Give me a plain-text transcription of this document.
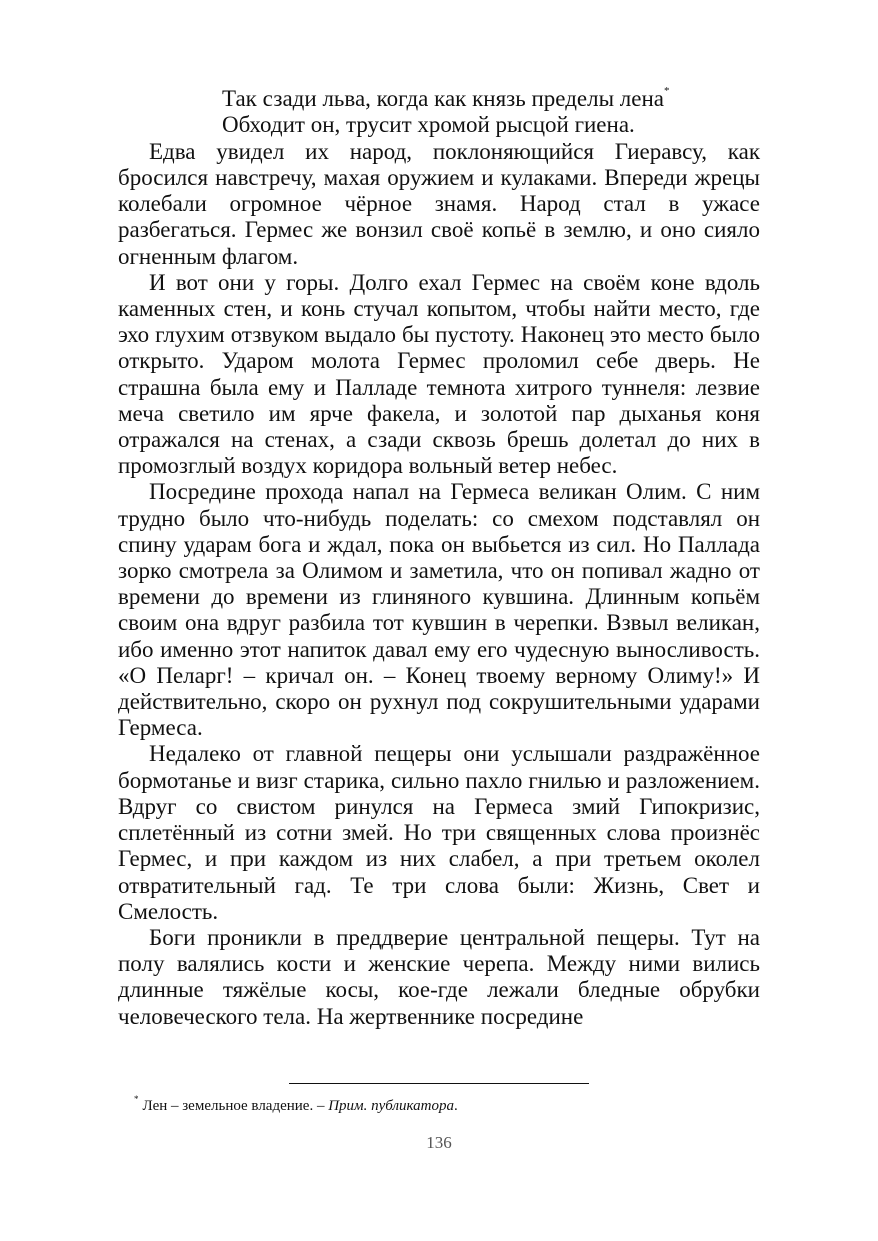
Так сзади льва, когда как князь пределы лена*
Обходит он, трусит хромой рысцой гиена.

Едва увидел их народ, поклоняющийся Гиеравсу, как бросился навстречу, махая оружием и кулаками. Впереди жрецы колебали огромное чёрное знамя. Народ стал в ужасе разбегаться. Гермес же вонзил своё копьё в землю, и оно сияло огненным флагом.

И вот они у горы. Долго ехал Гермес на своём коне вдоль каменных стен, и конь стучал копытом, чтобы найти место, где эхо глухим отзвуком выдало бы пустоту. Наконец это место было открыто. Ударом молота Гермес проломил себе дверь. Не страшна была ему и Палладе темнота хитрого туннеля: лезвие меча светило им ярче факела, и золотой пар дыханья коня отражался на стенах, а сзади сквозь брешь долетал до них в промозглый воздух коридора вольный ветер небес.

Посредине прохода напал на Гермеса великан Олим. С ним трудно было что-нибудь поделать: со смехом подставлял он спину ударам бога и ждал, пока он выбьется из сил. Но Паллада зорко смотрела за Олимом и заметила, что он попивал жадно от времени до времени из глиняного кувшина. Длинным копьём своим она вдруг разбила тот кувшин в черепки. Взвыл великан, ибо именно этот напиток давал ему его чудесную выносливость. «О Пеларг! – кричал он. – Конец твоему верному Олиму!» И действительно, скоро он рухнул под сокрушительными ударами Гермеса.

Недалеко от главной пещеры они услышали раздражённое бормотанье и визг старика, сильно пахло гнилью и разложением. Вдруг со свистом ринулся на Гермеса змий Гипокризис, сплетённый из сотни змей. Но три священных слова произнёс Гермес, и при каждом из них слабел, а при третьем околел отвратительный гад. Те три слова были: Жизнь, Свет и Смелость.

Боги проникли в преддверие центральной пещеры. Тут на полу валялись кости и женские черепа. Между ними вились длинные тяжёлые косы, кое-где лежали бледные обрубки человеческого тела. На жертвеннике посредине

* Лен – земельное владение. – Прим. публикатора.
136
